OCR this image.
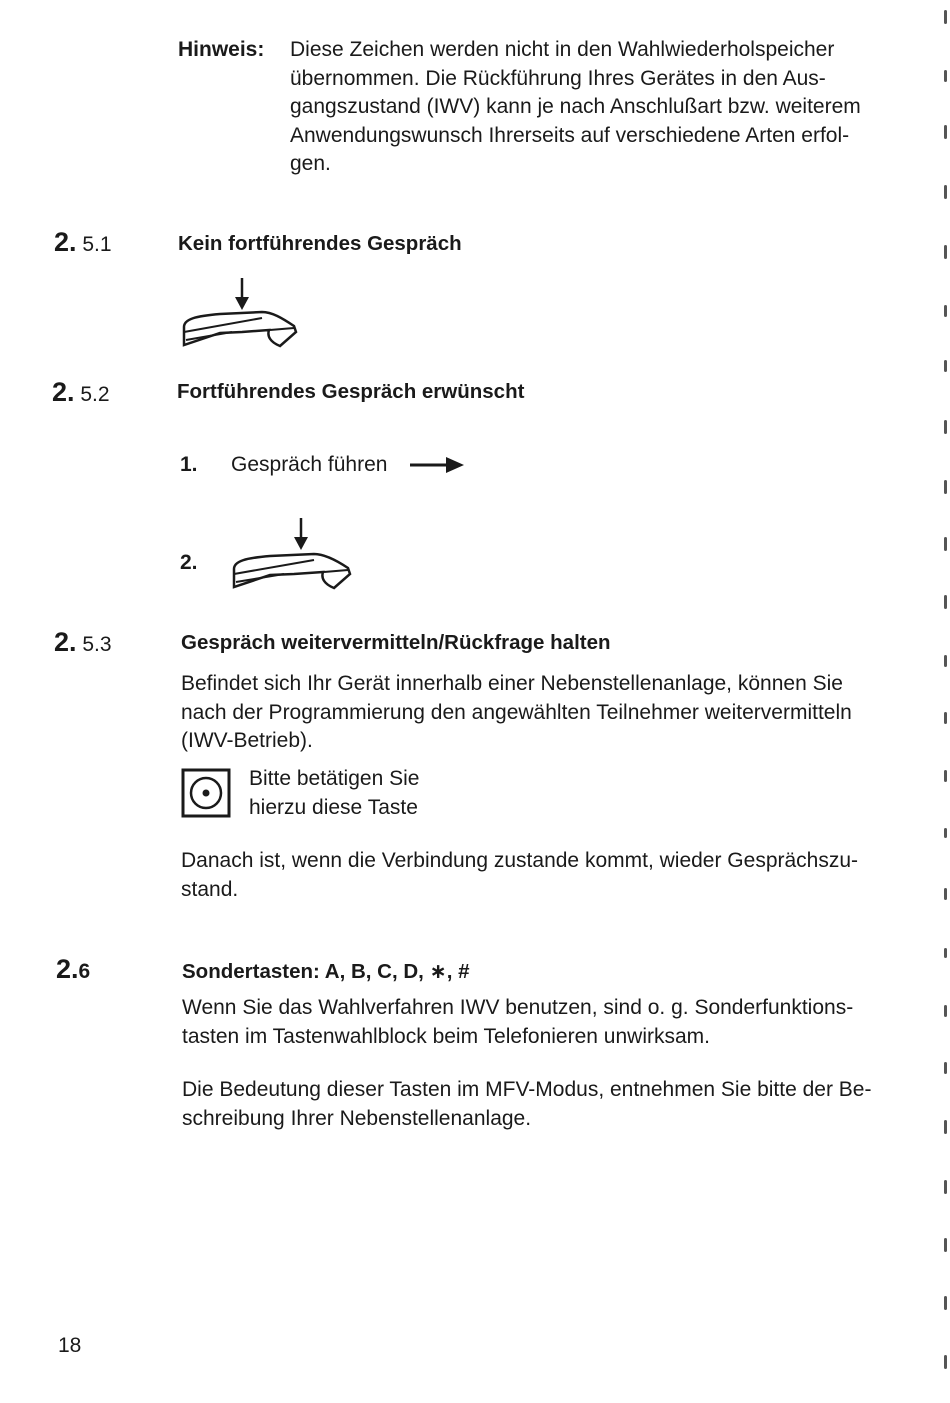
Hinweis: Diese Zeichen werden nicht in den Wahlwiederholspeicher
übernommen. Die Rückführung Ihres Gerätes in den Aus-
gangszustand (IWV) kann je nach Anschlußart bzw. weiterem
Anwendungswunsch Ihrerseits auf verschiedene Arten erfol-
gen.
2. 5.1	Kein fortführendes Gespräch
2. 5.2	Fortführendes Gespräch erwünscht
1. Gespräch führen
2.
2. 5.3	Gespräch weitervermitteln/Rückfrage halten
Befindet sich Ihr Gerät innerhalb einer Nebenstellenanlage, können Sie
nach der Programmierung den angewählten Teilnehmer weitervermitteln
(IWV-Betrieb).
Bitte betätigen Sie
hierzu diese Taste
Danach ist, wenn die Verbindung zustande kommt, wieder Gesprächszu-
stand.
2.6	Sondertasten: A, B, C, D, ∗, #
Wenn Sie das Wahlverfahren IWV benutzen, sind o. g. Sonderfunktions-
tasten im Tastenwahlblock beim Telefonieren unwirksam.
Die Bedeutung dieser Tasten im MFV-Modus, entnehmen Sie bitte der Be-
schreibung Ihrer Nebenstellenanlage.
18
